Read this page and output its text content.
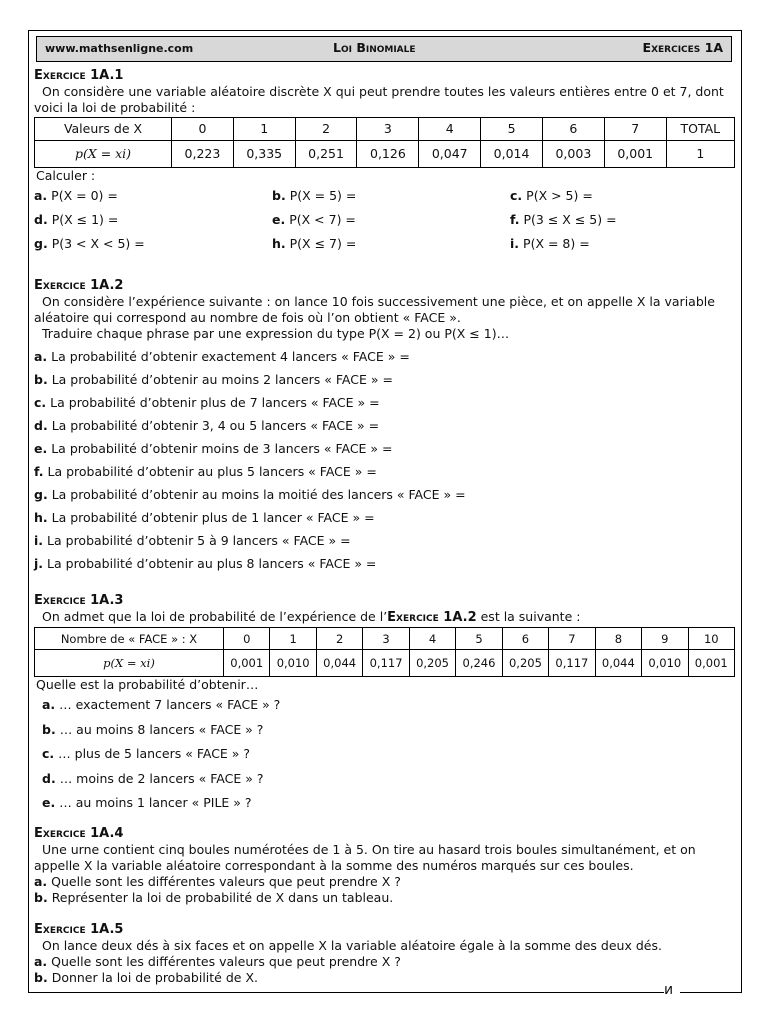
ᴎ
www.mathsenligne.com	Loi Binomiale	Exercices 1A
Exercice 1A.1
On considère une variable aléatoire discrète X qui peut prendre toutes les valeurs entières entre 0 et 7, dont
voici la loi de probabilité :
Valeurs de X	0	1	2	3	4	5	6	7	TOTAL
p(X = xi)	0,223	0,335	0,251	0,126	0,047	0,014	0,003	0,001	1
Calculer :
a. P(X = 0) =	b. P(X = 5) =	c. P(X > 5) =
d. P(X ≤ 1) =	e. P(X < 7) =	f. P(3 ≤ X ≤ 5) =
g. P(3 < X < 5) =	h. P(X ≤ 7) =	i. P(X = 8) =
Exercice 1A.2
On considère l’expérience suivante : on lance 10 fois successivement une pièce, et on appelle X la variable
aléatoire qui correspond au nombre de fois où l’on obtient « FACE ».
Traduire chaque phrase par une expression du type P(X = 2) ou P(X ≤ 1)…
a. La probabilité d’obtenir exactement 4 lancers « FACE » =
b. La probabilité d’obtenir au moins 2 lancers « FACE » =
c. La probabilité d’obtenir plus de 7 lancers « FACE » =
d. La probabilité d’obtenir 3, 4 ou 5 lancers « FACE » =
e. La probabilité d’obtenir moins de 3 lancers « FACE » =
f. La probabilité d’obtenir au plus 5 lancers « FACE » =
g. La probabilité d’obtenir au moins la moitié des lancers « FACE » =
h. La probabilité d’obtenir plus de 1 lancer « FACE » =
i. La probabilité d’obtenir 5 à 9 lancers « FACE » =
j. La probabilité d’obtenir au plus 8 lancers « FACE » =
Exercice 1A.3
On admet que la loi de probabilité de l’expérience de l’Exercice 1A.2 est la suivante :
Nombre de « FACE » : X	0	1	2	3	4	5	6	7	8	9	10
p(X = xi)	0,001	0,010	0,044	0,117	0,205	0,246	0,205	0,117	0,044	0,010	0,001
Quelle est la probabilité d’obtenir…
a. … exactement 7 lancers « FACE » ?
b. … au moins 8 lancers « FACE » ?
c. … plus de 5 lancers « FACE » ?
d. … moins de 2 lancers « FACE » ?
e. … au moins 1 lancer « PILE » ?
Exercice 1A.4
Une urne contient cinq boules numérotées de 1 à 5. On tire au hasard trois boules simultanément, et on
appelle X la variable aléatoire correspondant à la somme des numéros marqués sur ces boules.
a. Quelle sont les différentes valeurs que peut prendre X ?
b. Représenter la loi de probabilité de X dans un tableau.
Exercice 1A.5
On lance deux dés à six faces et on appelle X la variable aléatoire égale à la somme des deux dés.
a. Quelle sont les différentes valeurs que peut prendre X ?
b. Donner la loi de probabilité de X.
